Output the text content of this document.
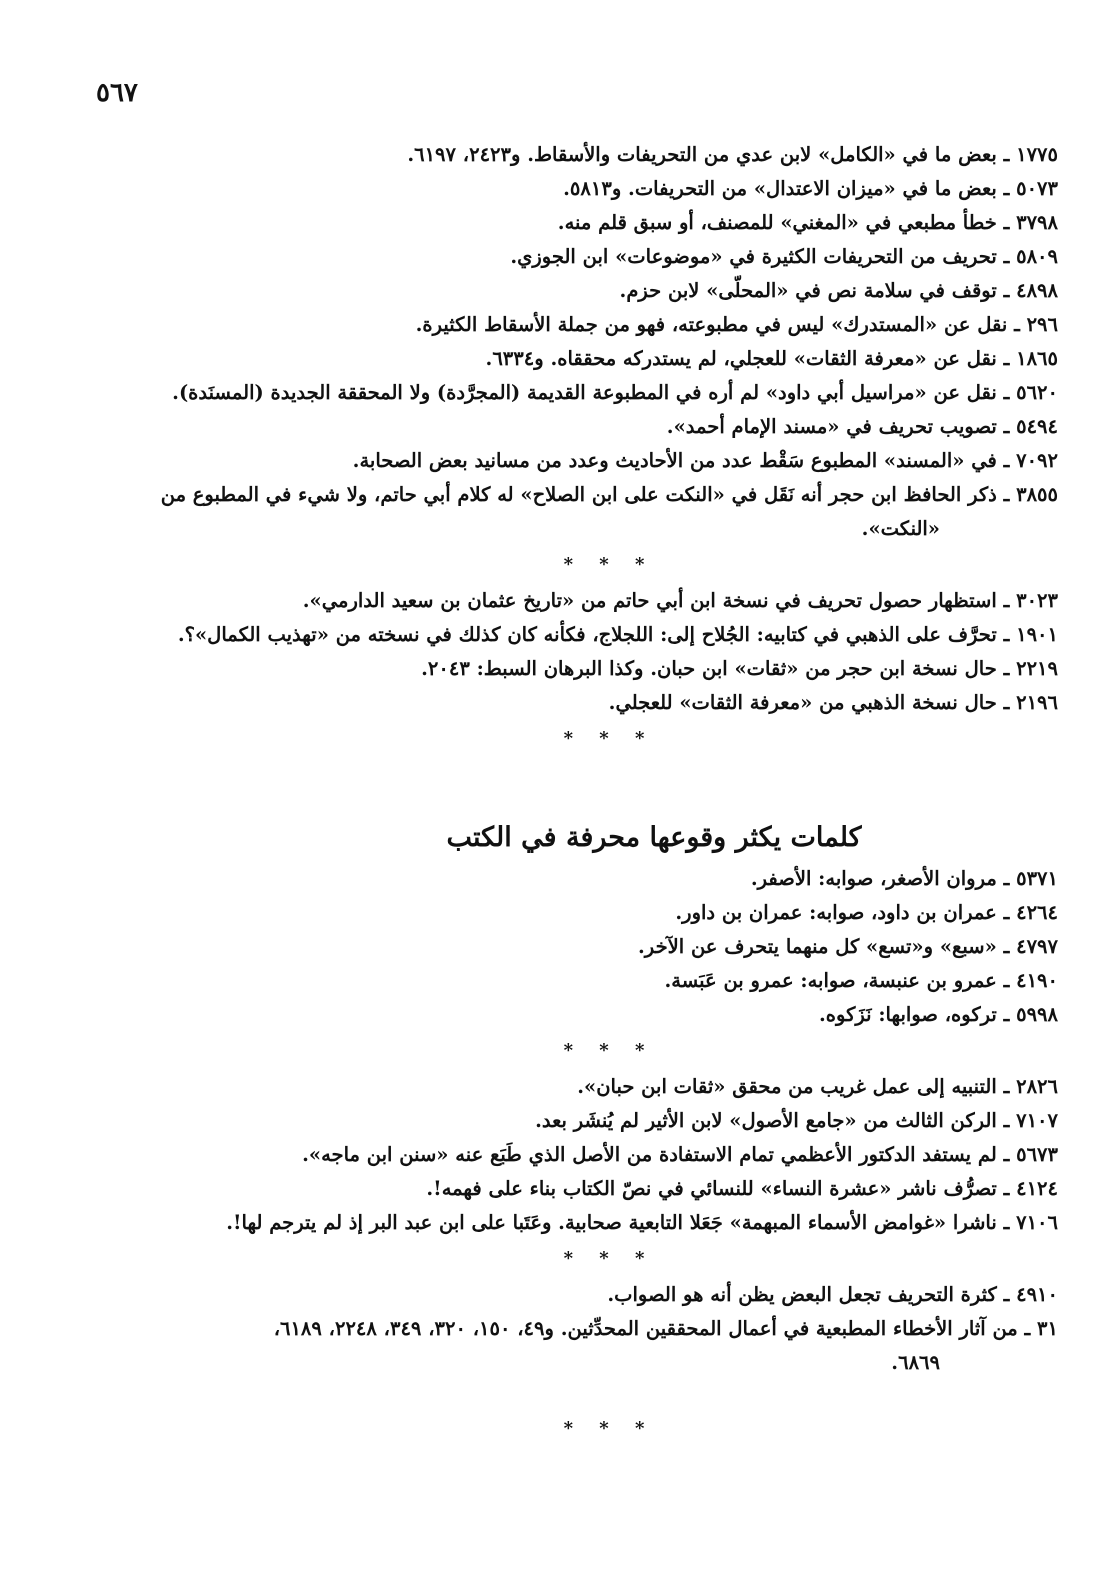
٥٦٧

١٧٧٥ ـ بعض ما في «الكامل» لابن عدي من التحريفات والأسقاط. و٢٤٢٣، ٦١٩٧.

٥٠٧٣ ـ بعض ما في «ميزان الاعتدال» من التحريفات. و٥٨١٣.

٣٧٩٨ ـ خطأ مطبعي في «المغني» للمصنف، أو سبق قلم منه.

٥٨٠٩ ـ تحريف من التحريفات الكثيرة في «موضوعات» ابن الجوزي.

٤٨٩٨ ـ توقف في سلامة نص في «المحلّى» لابن حزم.

٢٩٦ ـ نقل عن «المستدرك» ليس في مطبوعته، فهو من جملة الأسقاط الكثيرة.

١٨٦٥ ـ نقل عن «معرفة الثقات» للعجلي، لم يستدركه محققاه. و٦٣٣٤.

٥٦٢٠ ـ نقل عن «مراسيل أبي داود» لم أره في المطبوعة القديمة (المجرَّدة) ولا المحققة الجديدة (المسنَدة).

٥٤٩٤ ـ تصويب تحريف في «مسند الإمام أحمد».

٧٠٩٢ ـ في «المسند» المطبوع سَقْط عدد من الأحاديث وعدد من مسانيد بعض الصحابة.

٣٨٥٥ ـ ذكر الحافظ ابن حجر أنه نَقَل في «النكت على ابن الصلاح» له كلام أبي حاتم، ولا شيء في المطبوع من

«النكت».

* * *

٣٠٢٣ ـ استظهار حصول تحريف في نسخة ابن أبي حاتم من «تاريخ عثمان بن سعيد الدارمي».

١٩٠١ ـ تحرَّف على الذهبي في كتابيه: الجُلاح إلى: اللجلاج، فكأنه كان كذلك في نسخته من «تهذيب الكمال»؟.

٢٢١٩ ـ حال نسخة ابن حجر من «ثقات» ابن حبان. وكذا البرهان السبط: ٢٠٤٣.

٢١٩٦ ـ حال نسخة الذهبي من «معرفة الثقات» للعجلي.

* * *
كلمات يكثر وقوعها محرفة في الكتب

٥٣٧١ ـ مروان الأصغر، صوابه: الأصفر.

٤٢٦٤ ـ عمران بن داود، صوابه: عمران بن داور.

٤٧٩٧ ـ «سبع» و«تسع» كل منهما يتحرف عن الآخر.

٤١٩٠ ـ عمرو بن عنبسة، صوابه: عمرو بن عَبَسة.

٥٩٩٨ ـ تركوه، صوابها: نَزَكوه.

* * *

٢٨٢٦ ـ التنبيه إلى عمل غريب من محقق «ثقات ابن حبان».

٧١٠٧ ـ الركن الثالث من «جامع الأصول» لابن الأثير لم يُنشَر بعد.

٥٦٧٣ ـ لم يستفد الدكتور الأعظمي تمام الاستفادة من الأصل الذي طَبَع عنه «سنن ابن ماجه».

٤١٢٤ ـ تصرُّف ناشر «عشرة النساء» للنسائي في نصّ الكتاب بناء على فهمه!.

٧١٠٦ ـ ناشرا «غوامض الأسماء المبهمة» جَعَلا التابعية صحابية. وعَتَبا على ابن عبد البر إذ لم يترجم لها!.

* * *

٤٩١٠ ـ كثرة التحريف تجعل البعض يظن أنه هو الصواب.

٣١ ـ من آثار الأخطاء المطبعية في أعمال المحققين المحدِّثين. و٤٩، ١٥٠، ٣٢٠، ٣٤٩، ٢٢٤٨، ٦١٨٩،

٦٨٦٩.

* * *
